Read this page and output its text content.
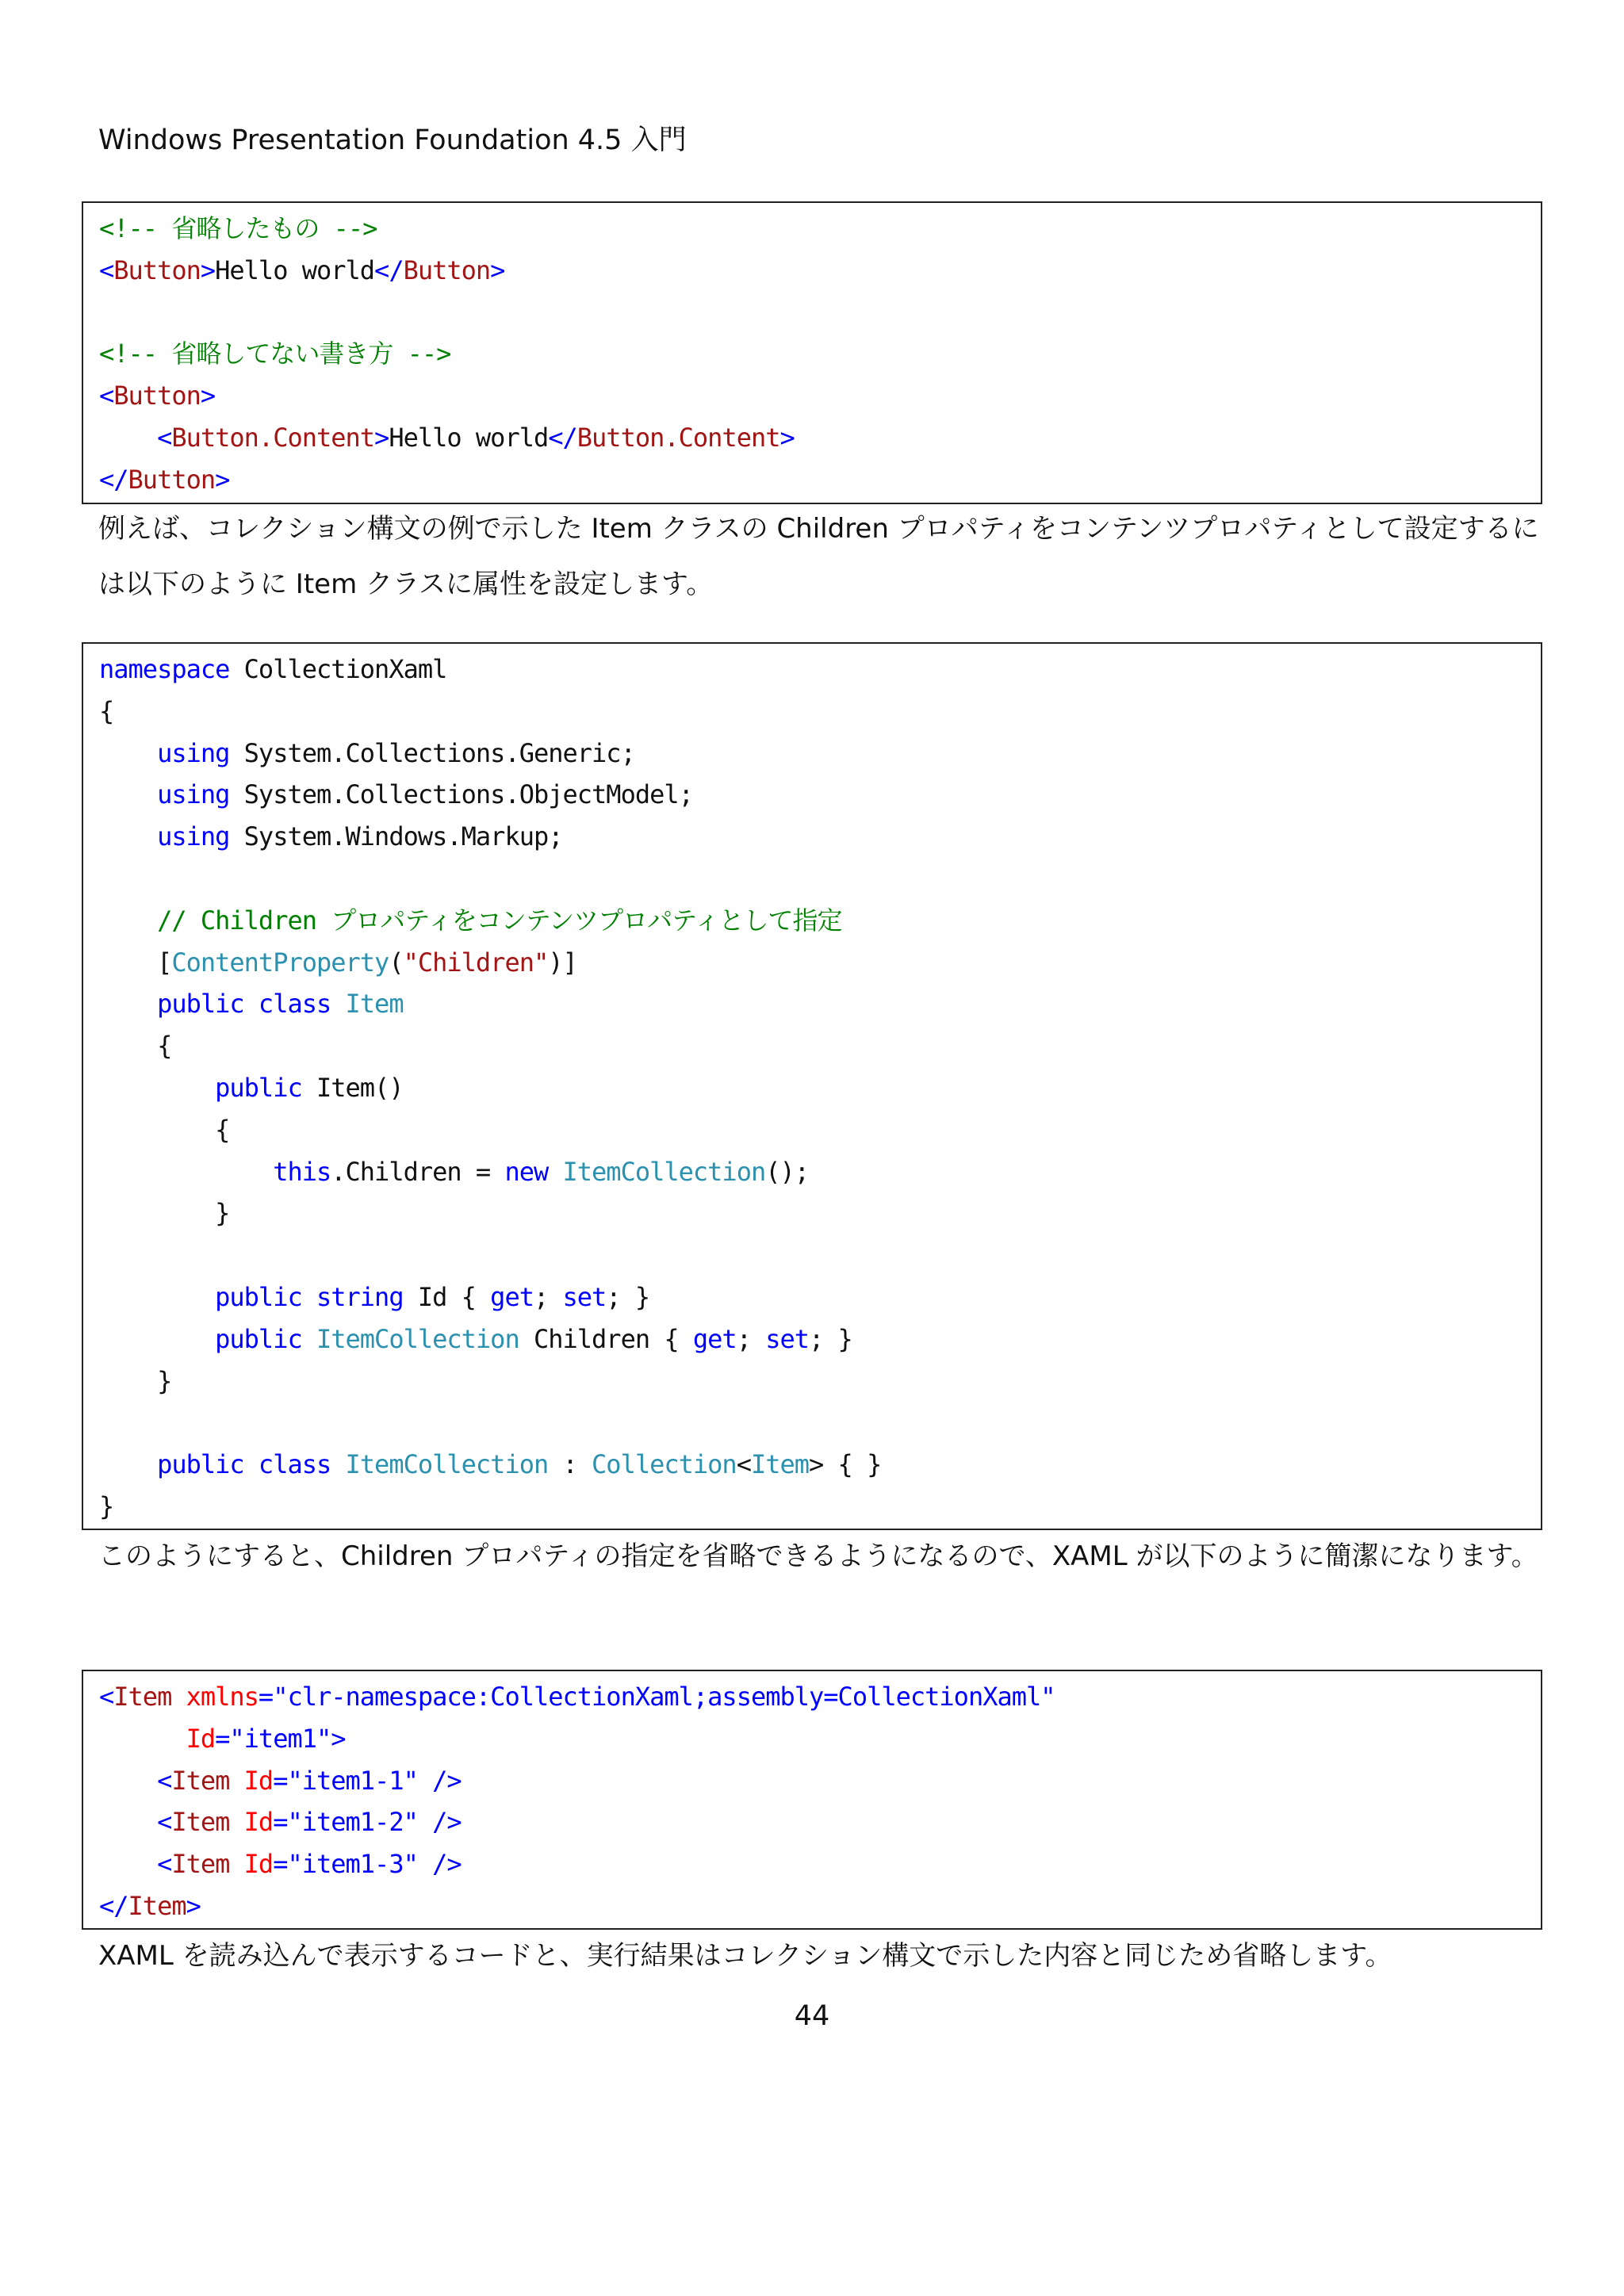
Windows Presentation Foundation 4.5 入門
<!-- 省略したもの -->
<Button>Hello world</Button>
<!-- 省略してない書き方 -->
<Button>
<Button.Content>Hello world</Button.Content>
</Button>
例えば、コレクション構文の例で示した Item クラスの Children プロパティをコンテンツプロパティとして設定するには以下のように Item クラスに属性を設定します。
namespace CollectionXaml
{
using System.Collections.Generic;
using System.Collections.ObjectModel;
using System.Windows.Markup;
// Children プロパティをコンテンツプロパティとして指定
[ContentProperty("Children")]
public class Item
{
public Item()
{
this.Children = new ItemCollection();
}
public string Id { get; set; }
public ItemCollection Children { get; set; }
}
public class ItemCollection : Collection<Item> { }
}
このようにすると、Children プロパティの指定を省略できるようになるので、XAML が以下のように簡潔になります。
<Item xmlns="clr-namespace:CollectionXaml;assembly=CollectionXaml"
Id="item1">
<Item Id="item1-1" />
<Item Id="item1-2" />
<Item Id="item1-3" />
</Item>
XAML を読み込んで表示するコードと、実行結果はコレクション構文で示した内容と同じため省略します。
44
